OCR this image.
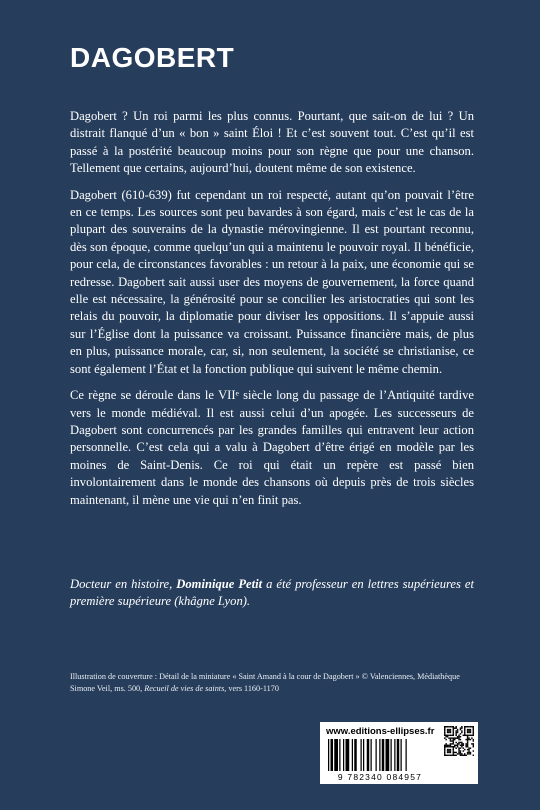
DAGOBERT

Dagobert ? Un roi parmi les plus connus. Pourtant, que sait-on de lui ? Un distrait flanqué d’un « bon » saint Éloi ! Et c’est souvent tout. C’est qu’il est passé à la postérité beaucoup moins pour son règne que pour une chanson. Tellement que certains, aujourd’hui, doutent même de son existence.

Dagobert (610-639) fut cependant un roi respecté, autant qu’on pouvait l’être en ce temps. Les sources sont peu bavardes à son égard, mais c’est le cas de la plupart des souverains de la dynastie mérovingienne. Il est pourtant reconnu, dès son époque, comme quelqu’un qui a maintenu le pouvoir royal. Il bénéficie, pour cela, de circonstances favorables : un retour à la paix, une économie qui se redresse. Dagobert sait aussi user des moyens de gouvernement, la force quand elle est nécessaire, la générosité pour se concilier les aristocraties qui sont les relais du pouvoir, la diplomatie pour diviser les oppositions. Il s’appuie aussi sur l’Église dont la puissance va croissant. Puissance financière mais, de plus en plus, puissance morale, car, si, non seulement, la société se christianise, ce sont également l’État et la fonction publique qui suivent le même chemin.

Ce règne se déroule dans le VIIᵉ siècle long du passage de l’Antiquité tardive vers le monde médiéval. Il est aussi celui d’un apogée. Les successeurs de Dagobert sont concurrencés par les grandes familles qui entravent leur action personnelle. C’est cela qui a valu à Dagobert d’être érigé en modèle par les moines de Saint-Denis. Ce roi qui était un repère est passé bien involontairement dans le monde des chansons où depuis près de trois siècles maintenant, il mène une vie qui n’en finit pas.

Docteur en histoire, Dominique Petit a été professeur en lettres supérieures et première supérieure (khâgne Lyon).

Illustration de couverture : Détail de la miniature « Saint Amand à la cour de Dagobert » © Valenciennes, Médiathèque Simone Veil, ms. 500, Recueil de vies de saints, vers 1160-1170

www.editions-ellipses.fr
9 782340 084957
